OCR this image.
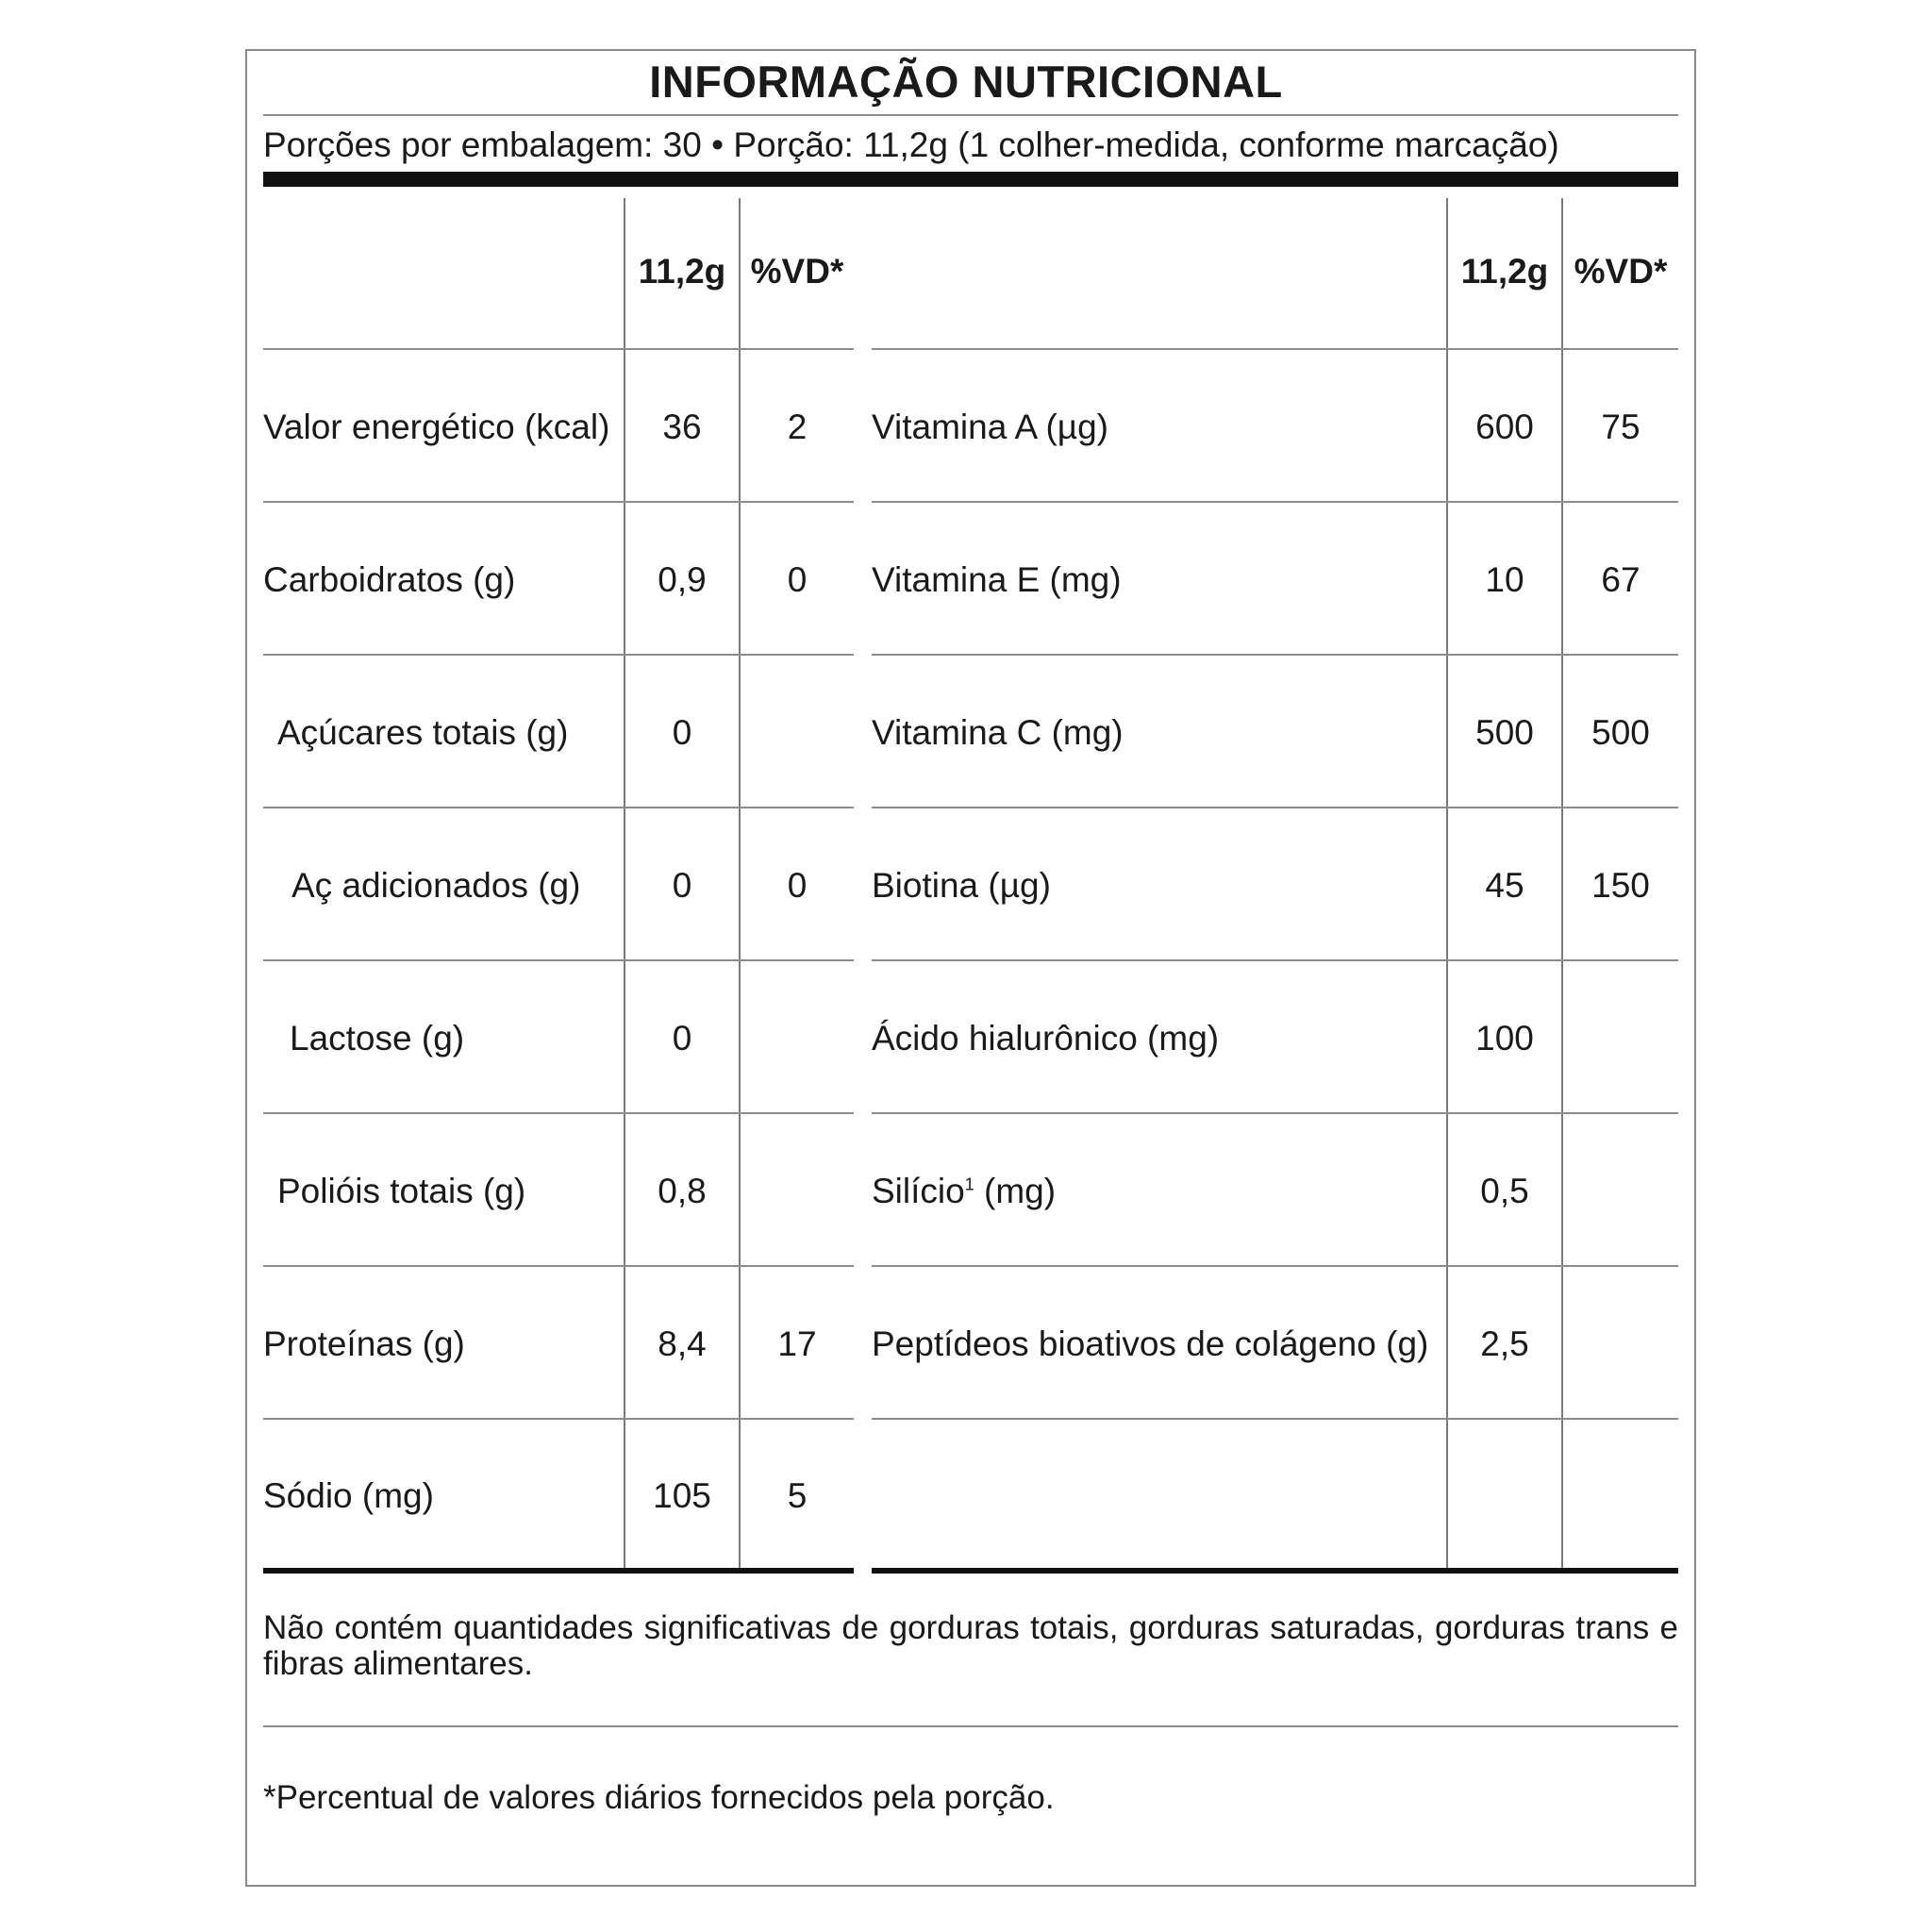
INFORMAÇÃO NUTRICIONAL
Porções por embalagem: 30 • Porção: 11,2g (1 colher-medida, conforme marcação)
11,2g %VD*
Valor energético (kcal)	36	2
Carboidratos (g)	0,9	0
Açúcares totais (g)	0
Aç adicionados (g)	0	0
Lactose (g)	0
Polióis totais (g)	0,8
Proteínas (g)	8,4	17
Sódio (mg)	105	5
11,2g %VD*
Vitamina A (µg)	600	75
Vitamina E (mg)	10	67
Vitamina C (mg)	500	500
Biotina (µg)	45	150
Ácido hialurônico (mg)	100
Silício$^1$ (mg)	0,5
Peptídeos bioativos de colágeno (g)	2,5
Não contém quantidades significativas de gorduras totais, gorduras saturadas, gorduras trans e fibras alimentares.
*Percentual de valores diários fornecidos pela porção.
